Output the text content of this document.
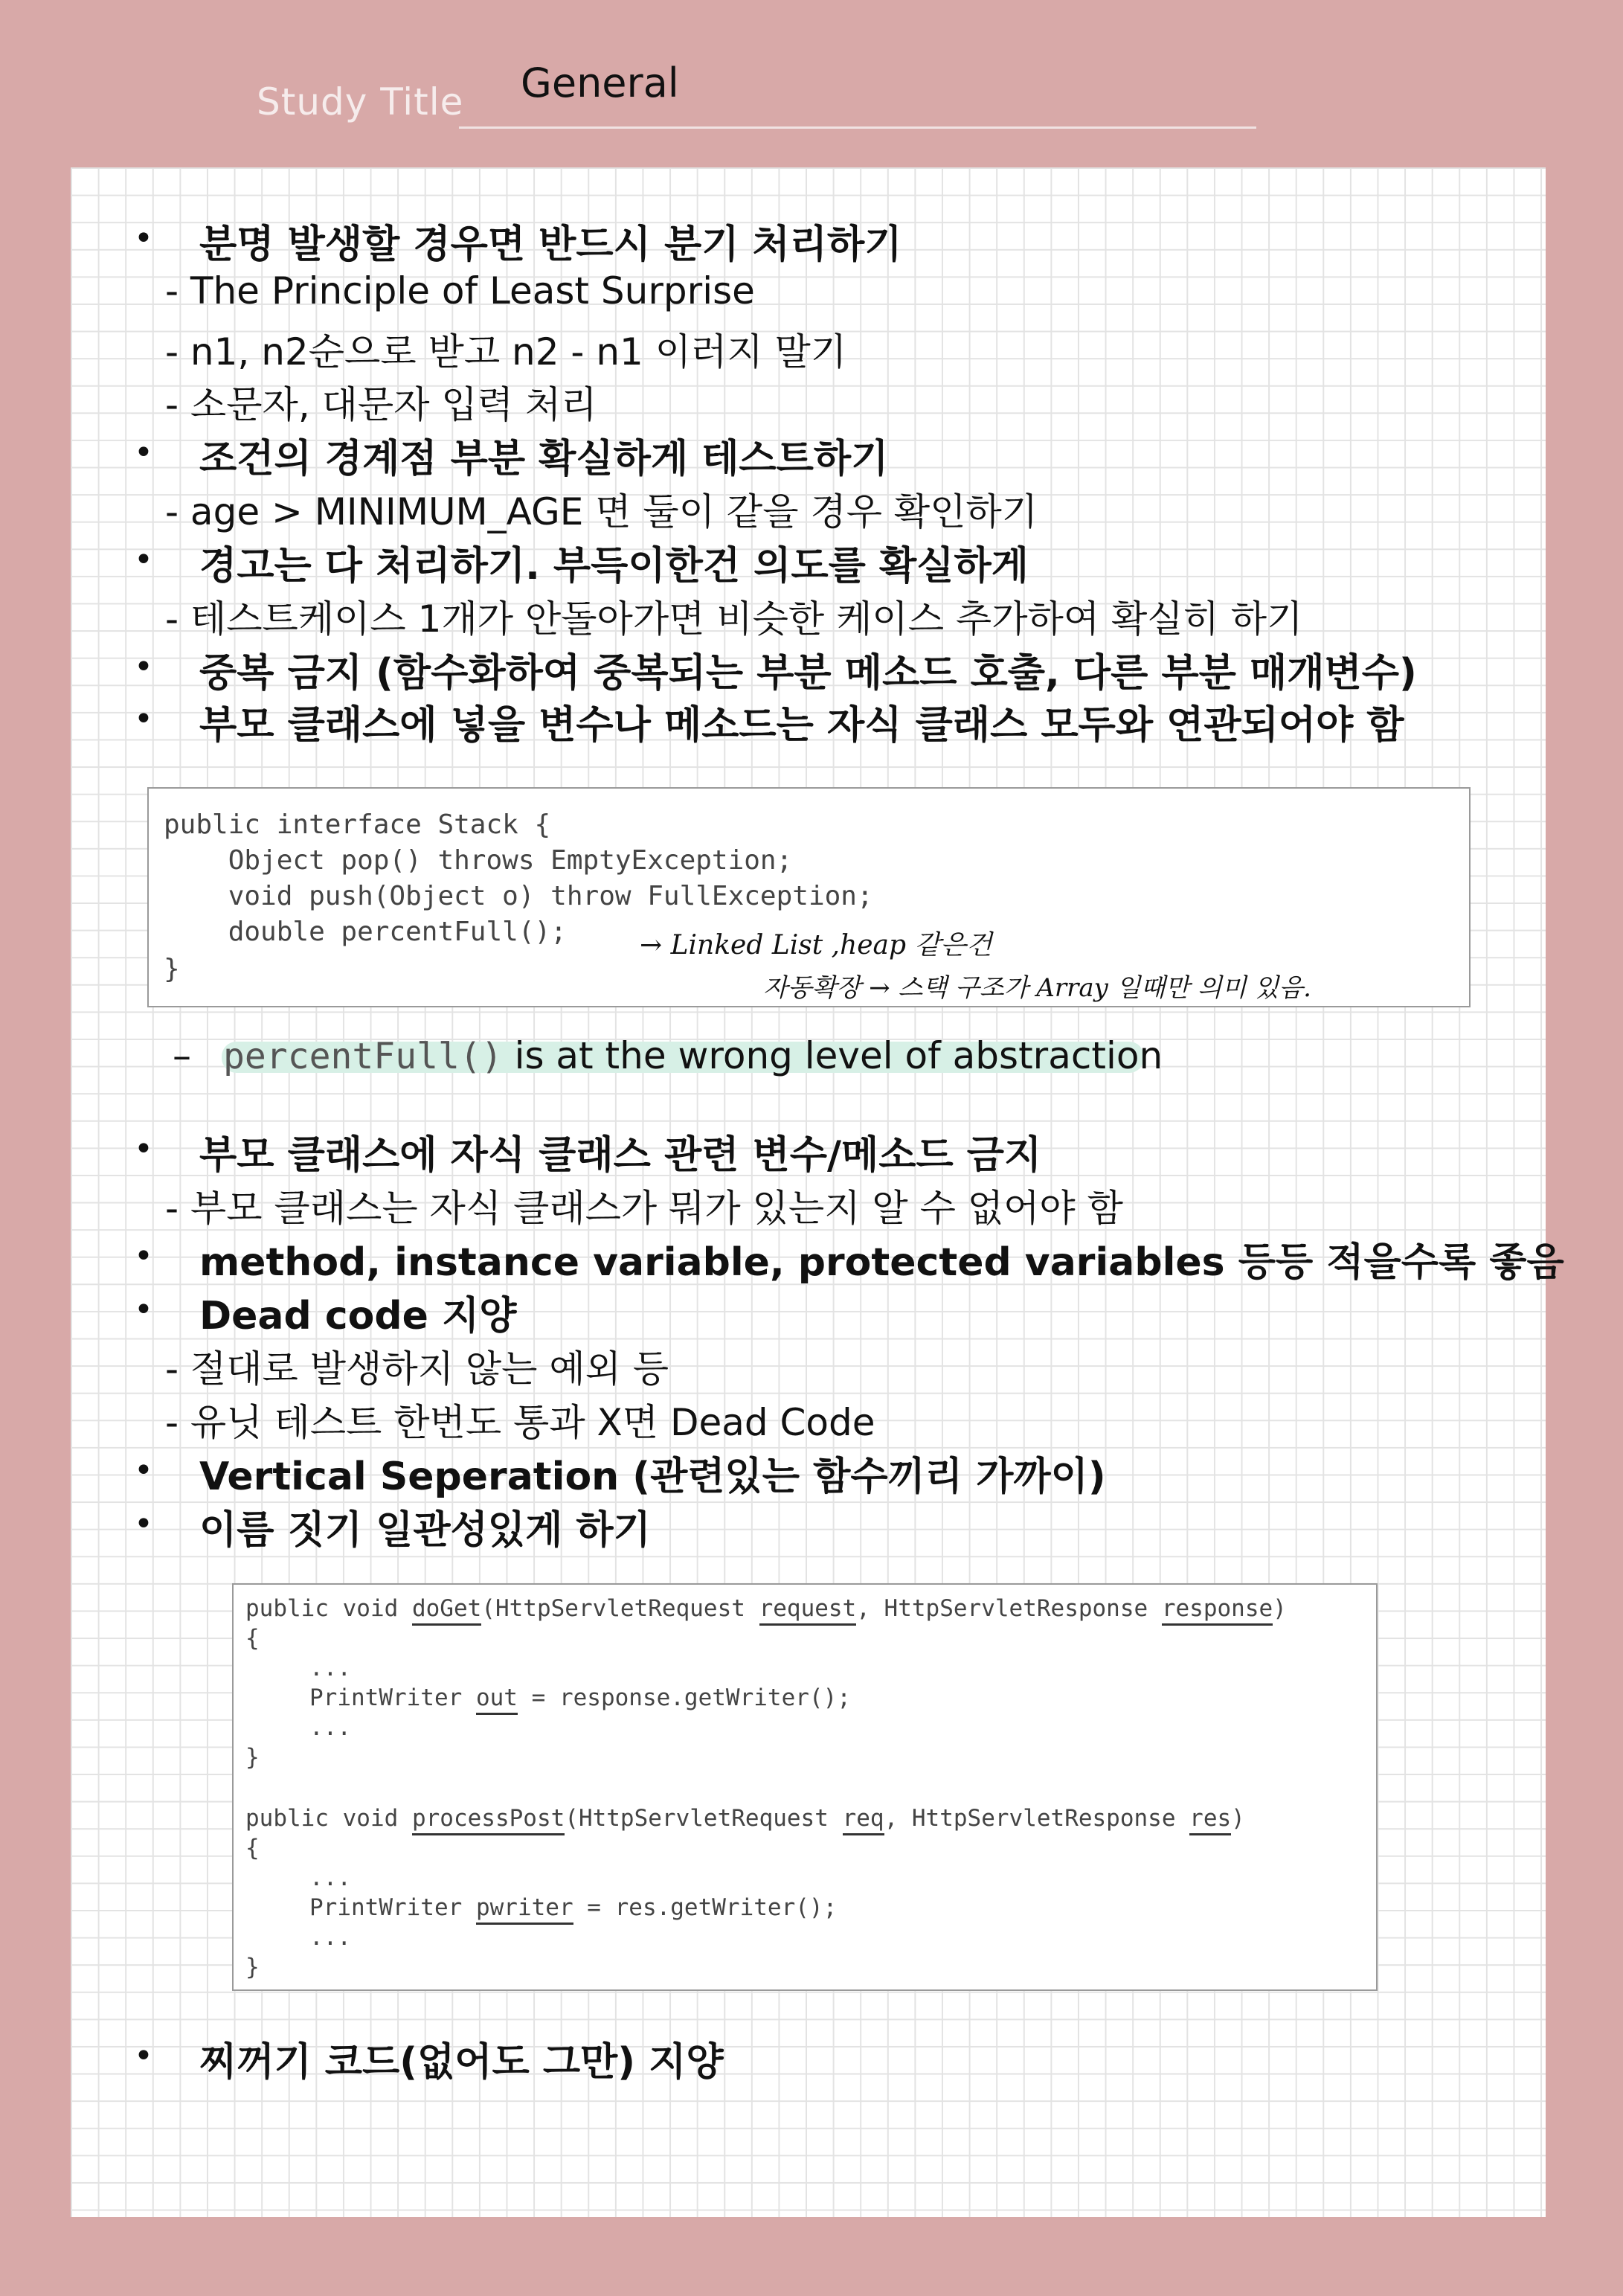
Study Title General
• 분명 발생할 경우면 반드시 분기 처리하기
- The Principle of Least Surprise
- n1, n2순으로 받고 n2 - n1 이러지 말기
- 소문자, 대문자 입력 처리
• 조건의 경계점 부분 확실하게 테스트하기
- age > MINIMUM_AGE 면 둘이 같을 경우 확인하기
• 경고는 다 처리하기. 부득이한건 의도를 확실하게
- 테스트케이스 1개가 안돌아가면 비슷한 케이스 추가하여 확실히 하기
• 중복 금지 (함수화하여 중복되는 부분 메소드 호출, 다른 부분 매개변수)
• 부모 클래스에 넣을 변수나 메소드는 자식 클래스 모두와 연관되어야 함
public interface Stack {
Object pop() throws EmptyException;
void push(Object o) throw FullException;
double percentFull();
}
→ Linked List ,heap 같은건
자동확장 → 스택 구조가 Array 일때만 의미 있음.
– percentFull() is at the wrong level of abstraction
• 부모 클래스에 자식 클래스 관련 변수/메소드 금지
- 부모 클래스는 자식 클래스가 뭐가 있는지 알 수 없어야 함
• method, instance variable, protected variables 등등 적을수록 좋음
• Dead code 지양
- 절대로 발생하지 않는 예외 등
- 유닛 테스트 한번도 통과 X면 Dead Code
• Vertical Seperation (관련있는 함수끼리 가까이)
• 이름 짓기 일관성있게 하기
public void doGet(HttpServletRequest request, HttpServletResponse response)
{
...
PrintWriter out = response.getWriter();
...
}
public void processPost(HttpServletRequest req, HttpServletResponse res)
{
...
PrintWriter pwriter = res.getWriter();
...
}
• 찌꺼기 코드(없어도 그만) 지양
